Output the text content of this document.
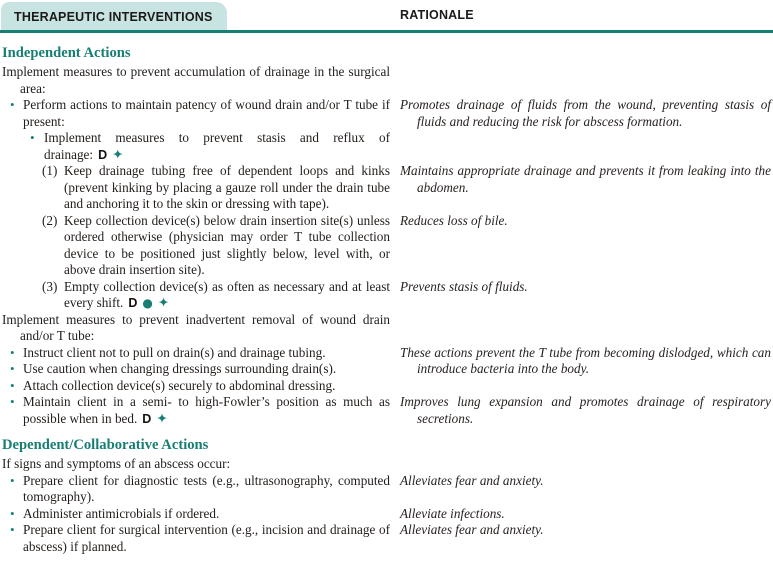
THERAPEUTIC INTERVENTIONS	RATIONALE
Independent Actions

Implement measures to prevent accumulation of drainage in the surgical area:

• Perform actions to maintain patency of wound drain and/or T tube if present:

• Implement measures to prevent stasis and reflux of drainage: D ✦

Promotes drainage of fluids from the wound, preventing stasis of fluids and reducing the risk for abscess formation.

(1) Keep drainage tubing free of dependent loops and kinks (prevent kinking by placing a gauze roll under the drain tube and anchoring it to the skin or dressing with tape).

Maintains appropriate drainage and prevents it from leaking into the abdomen.

(2) Keep collection device(s) below drain insertion site(s) unless ordered otherwise (physician may order T tube collection device to be positioned just slightly below, level with, or above drain insertion site).

Reduces loss of bile.

(3) Empty collection device(s) as often as necessary and at least every shift. D ● ✦

Prevents stasis of fluids.

Implement measures to prevent inadvertent removal of wound drain and/or T tube:

• Instruct client not to pull on drain(s) and drainage tubing.

• Use caution when changing dressings surrounding drain(s).

• Attach collection device(s) securely to abdominal dressing.

These actions prevent the T tube from becoming dislodged, which can introduce bacteria into the body.

• Maintain client in a semi- to high-Fowler’s position as much as possible when in bed. D ✦

Improves lung expansion and promotes drainage of respiratory secretions.

Dependent/Collaborative Actions

If signs and symptoms of an abscess occur:

• Prepare client for diagnostic tests (e.g., ultrasonography, computed tomography).

Alleviates fear and anxiety.

• Administer antimicrobials if ordered.	Alleviate infections.

• Prepare client for surgical intervention (e.g., incision and drainage of abscess) if planned.

Alleviates fear and anxiety.
